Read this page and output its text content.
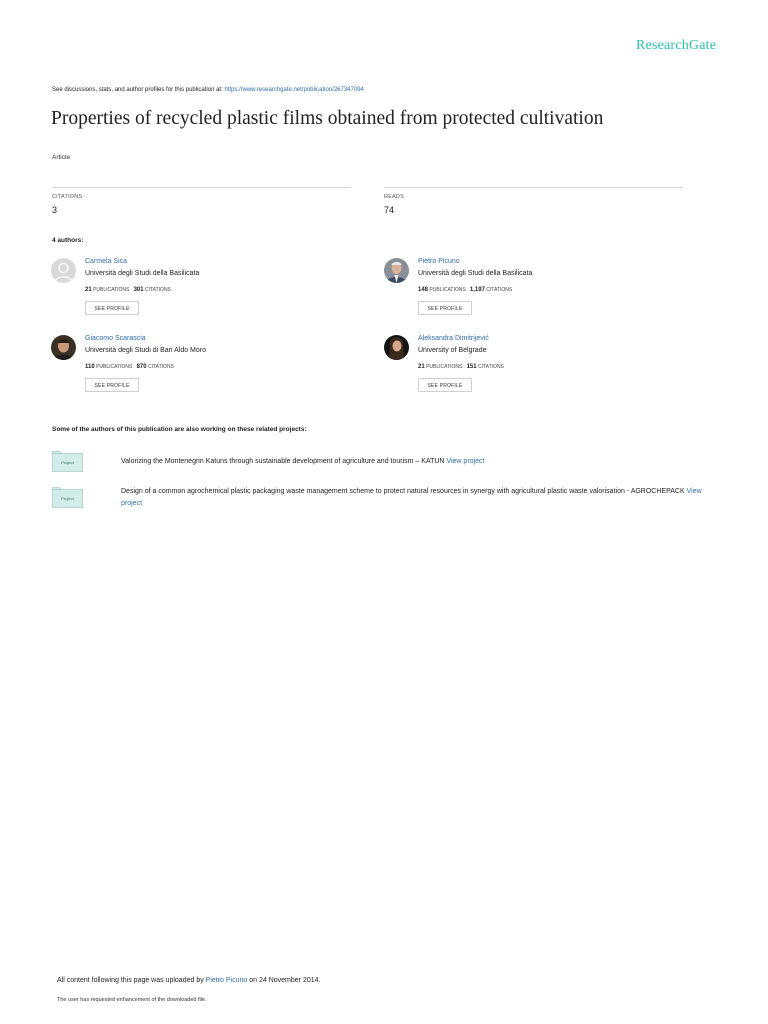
ResearchGate
See discussions, stats, and author profiles for this publication at: https://www.researchgate.net/publication/267347094
Properties of recycled plastic films obtained from protected cultivation
Article
CITATIONS
3
READS
74
4 authors:
Carmela Sica
Università degli Studi della Basilicata
21 PUBLICATIONS 301 CITATIONS
SEE PROFILE
Pietro Picuno
Università degli Studi della Basilicata
148 PUBLICATIONS 1,197 CITATIONS
SEE PROFILE
Giacomo Scarascia
Università degli Studi di Bari Aldo Moro
110 PUBLICATIONS 870 CITATIONS
SEE PROFILE
Aleksandra Dimitrijević
University of Belgrade
21 PUBLICATIONS 151 CITATIONS
SEE PROFILE
Some of the authors of this publication are also working on these related projects:
Project	Valorizing the Montenegrin Katuns through sustainable development of agriculture and tourism – KATUN View project
Project
Design of a common agrochemical plastic packaging waste management scheme to protect natural resources in synergy with agricultural plastic waste valorisation - AGROCHEPACK View project
All content following this page was uploaded by Pietro Picuno on 24 November 2014.
The user has requested enhancement of the downloaded file.
